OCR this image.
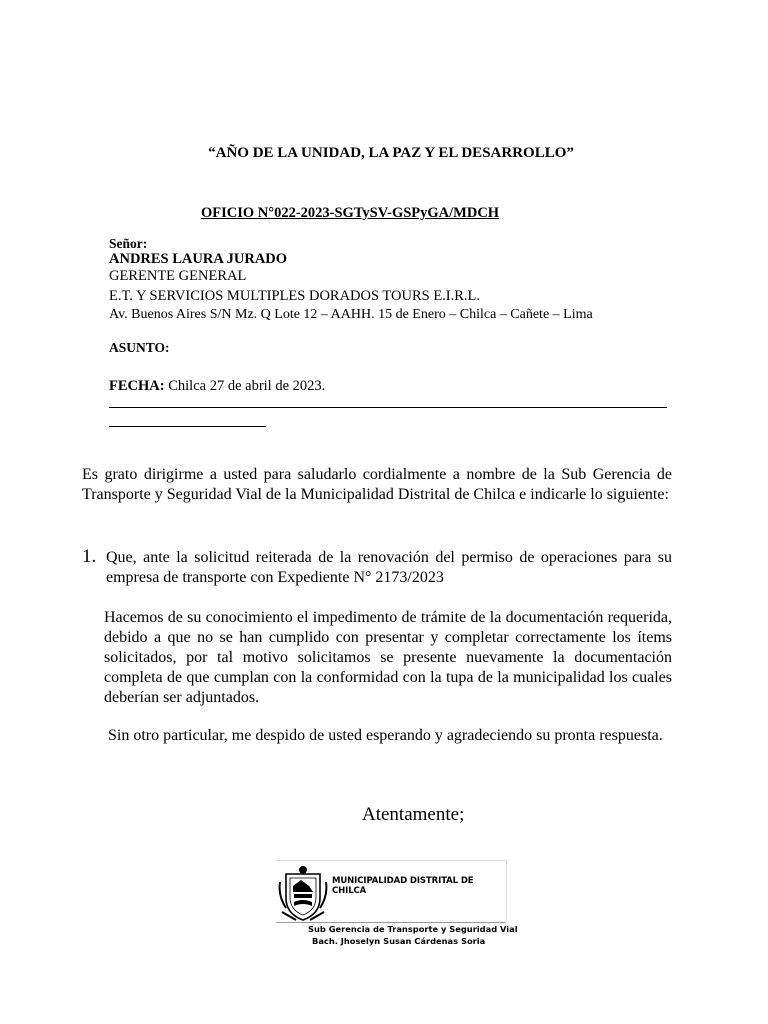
“AÑO DE LA UNIDAD, LA PAZ Y EL DESARROLLO”
OFICIO N°022-2023-SGTySV-GSPyGA/MDCH
Señor:
ANDRES LAURA JURADO
GERENTE GENERAL
E.T. Y SERVICIOS MULTIPLES DORADOS TOURS E.I.R.L.
Av. Buenos Aires S/N Mz. Q Lote 12 – AAHH. 15 de Enero – Chilca – Cañete – Lima
ASUNTO:
FECHA: Chilca 27 de abril de 2023.
Es grato dirigirme a usted para saludarlo cordialmente a nombre de la Sub Gerencia de Transporte y Seguridad Vial de la Municipalidad Distrital de Chilca e indicarle lo siguiente:
1. Que, ante la solicitud reiterada de la renovación del permiso de operaciones para su empresa de transporte con Expediente N° 2173/2023
Hacemos de su conocimiento el impedimento de trámite de la documentación requerida, debido a que no se han cumplido con presentar y completar correctamente los ítems solicitados, por tal motivo solicitamos se presente nuevamente la documentación completa de que cumplan con la conformidad con la tupa de la municipalidad los cuales deberían ser adjuntados.
Sin otro particular, me despido de usted esperando y agradeciendo su pronta respuesta.
Atentamente;
MUNICIPALIDAD DISTRITAL DE CHILCA
Sub Gerencia de Transporte y Seguridad Vial
Bach. Jhoselyn Susan Cárdenas Soria
